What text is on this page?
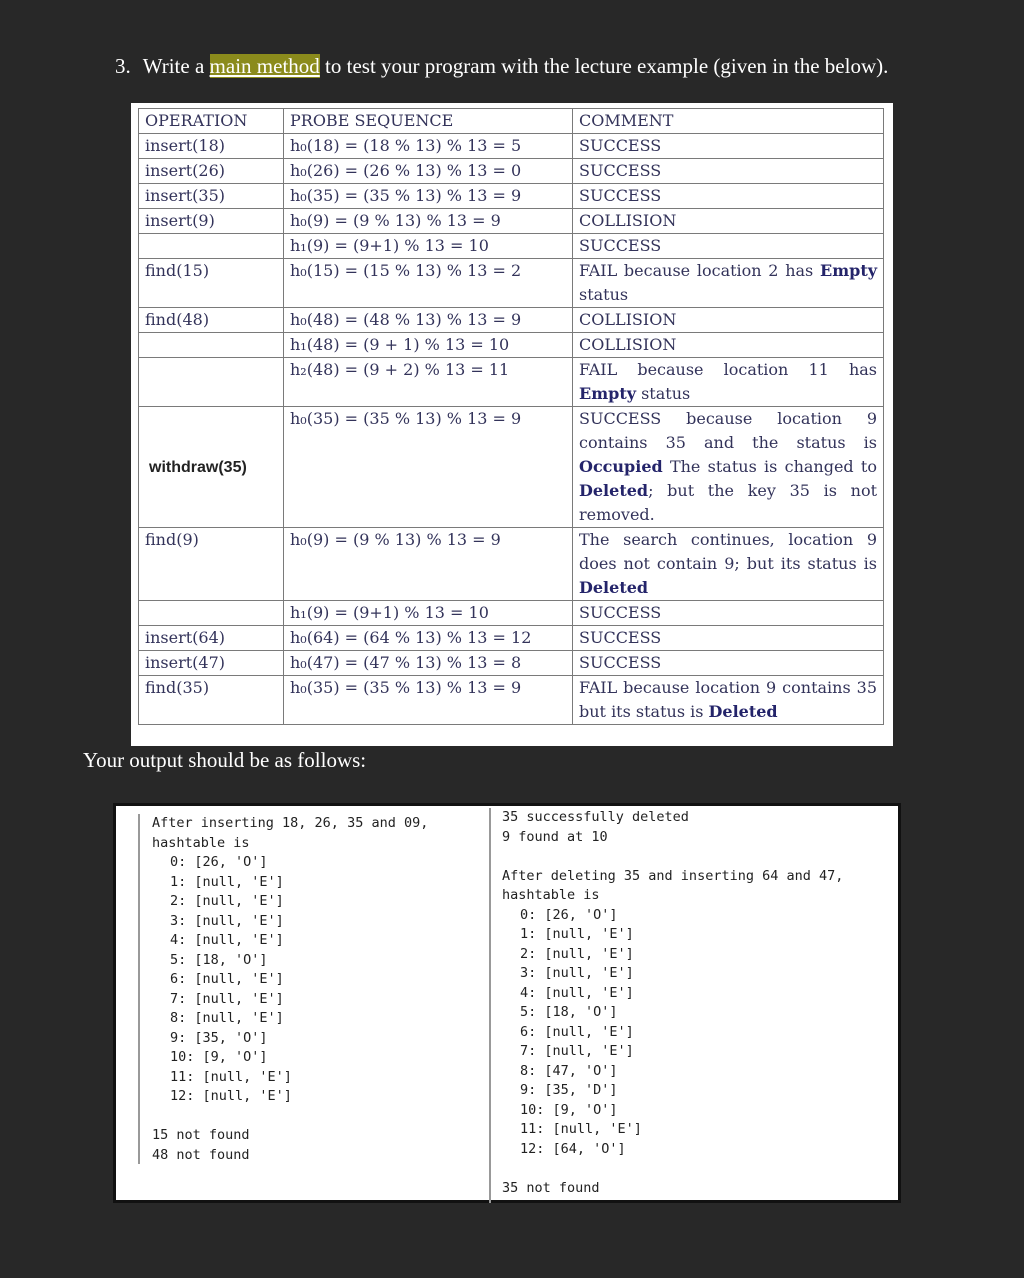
3. Write a main method to test your program with the lecture example (given in the below).
OPERATION	PROBE SEQUENCE	COMMENT
insert(18)	h₀(18) = (18 % 13) % 13 = 5	SUCCESS
insert(26)	h₀(26) = (26 % 13) % 13 = 0	SUCCESS
insert(35)	h₀(35) = (35 % 13) % 13 = 9	SUCCESS
insert(9)	h₀(9) = (9 % 13) % 13 = 9	COLLISION
	h₁(9) = (9+1) % 13 = 10	SUCCESS
find(15)	h₀(15) = (15 % 13) % 13 = 2	FAIL because location 2 has Empty status
find(48)	h₀(48) = (48 % 13) % 13 = 9	COLLISION
	h₁(48) = (9 + 1) % 13 = 10	COLLISION
	h₂(48) = (9 + 2) % 13 = 11	FAIL because location 11 has Empty status
withdraw(35)	h₀(35) = (35 % 13) % 13 = 9	SUCCESS because location 9 contains 35 and the status is Occupied The status is changed to Deleted; but the key 35 is not removed.
find(9)	h₀(9) = (9 % 13) % 13 = 9	The search continues, location 9 does not contain 9; but its status is Deleted
	h₁(9) = (9+1) % 13 = 10	SUCCESS
insert(64)	h₀(64) = (64 % 13) % 13 = 12	SUCCESS
insert(47)	h₀(47) = (47 % 13) % 13 = 8	SUCCESS
find(35)	h₀(35) = (35 % 13) % 13 = 9	FAIL because location 9 contains 35 but its status is Deleted
Your output should be as follows:
After inserting 18, 26, 35 and 09,
hashtable is
0: [26, 'O']
1: [null, 'E']
2: [null, 'E']
3: [null, 'E']
4: [null, 'E']
5: [18, 'O']
6: [null, 'E']
7: [null, 'E']
8: [null, 'E']
9: [35, 'O']
10: [9, 'O']
11: [null, 'E']
12: [null, 'E']
15 not found
48 not found
35 successfully deleted
9 found at 10
After deleting 35 and inserting 64 and 47,
hashtable is
0: [26, 'O']
1: [null, 'E']
2: [null, 'E']
3: [null, 'E']
4: [null, 'E']
5: [18, 'O']
6: [null, 'E']
7: [null, 'E']
8: [47, 'O']
9: [35, 'D']
10: [9, 'O']
11: [null, 'E']
12: [64, 'O']
35 not found
